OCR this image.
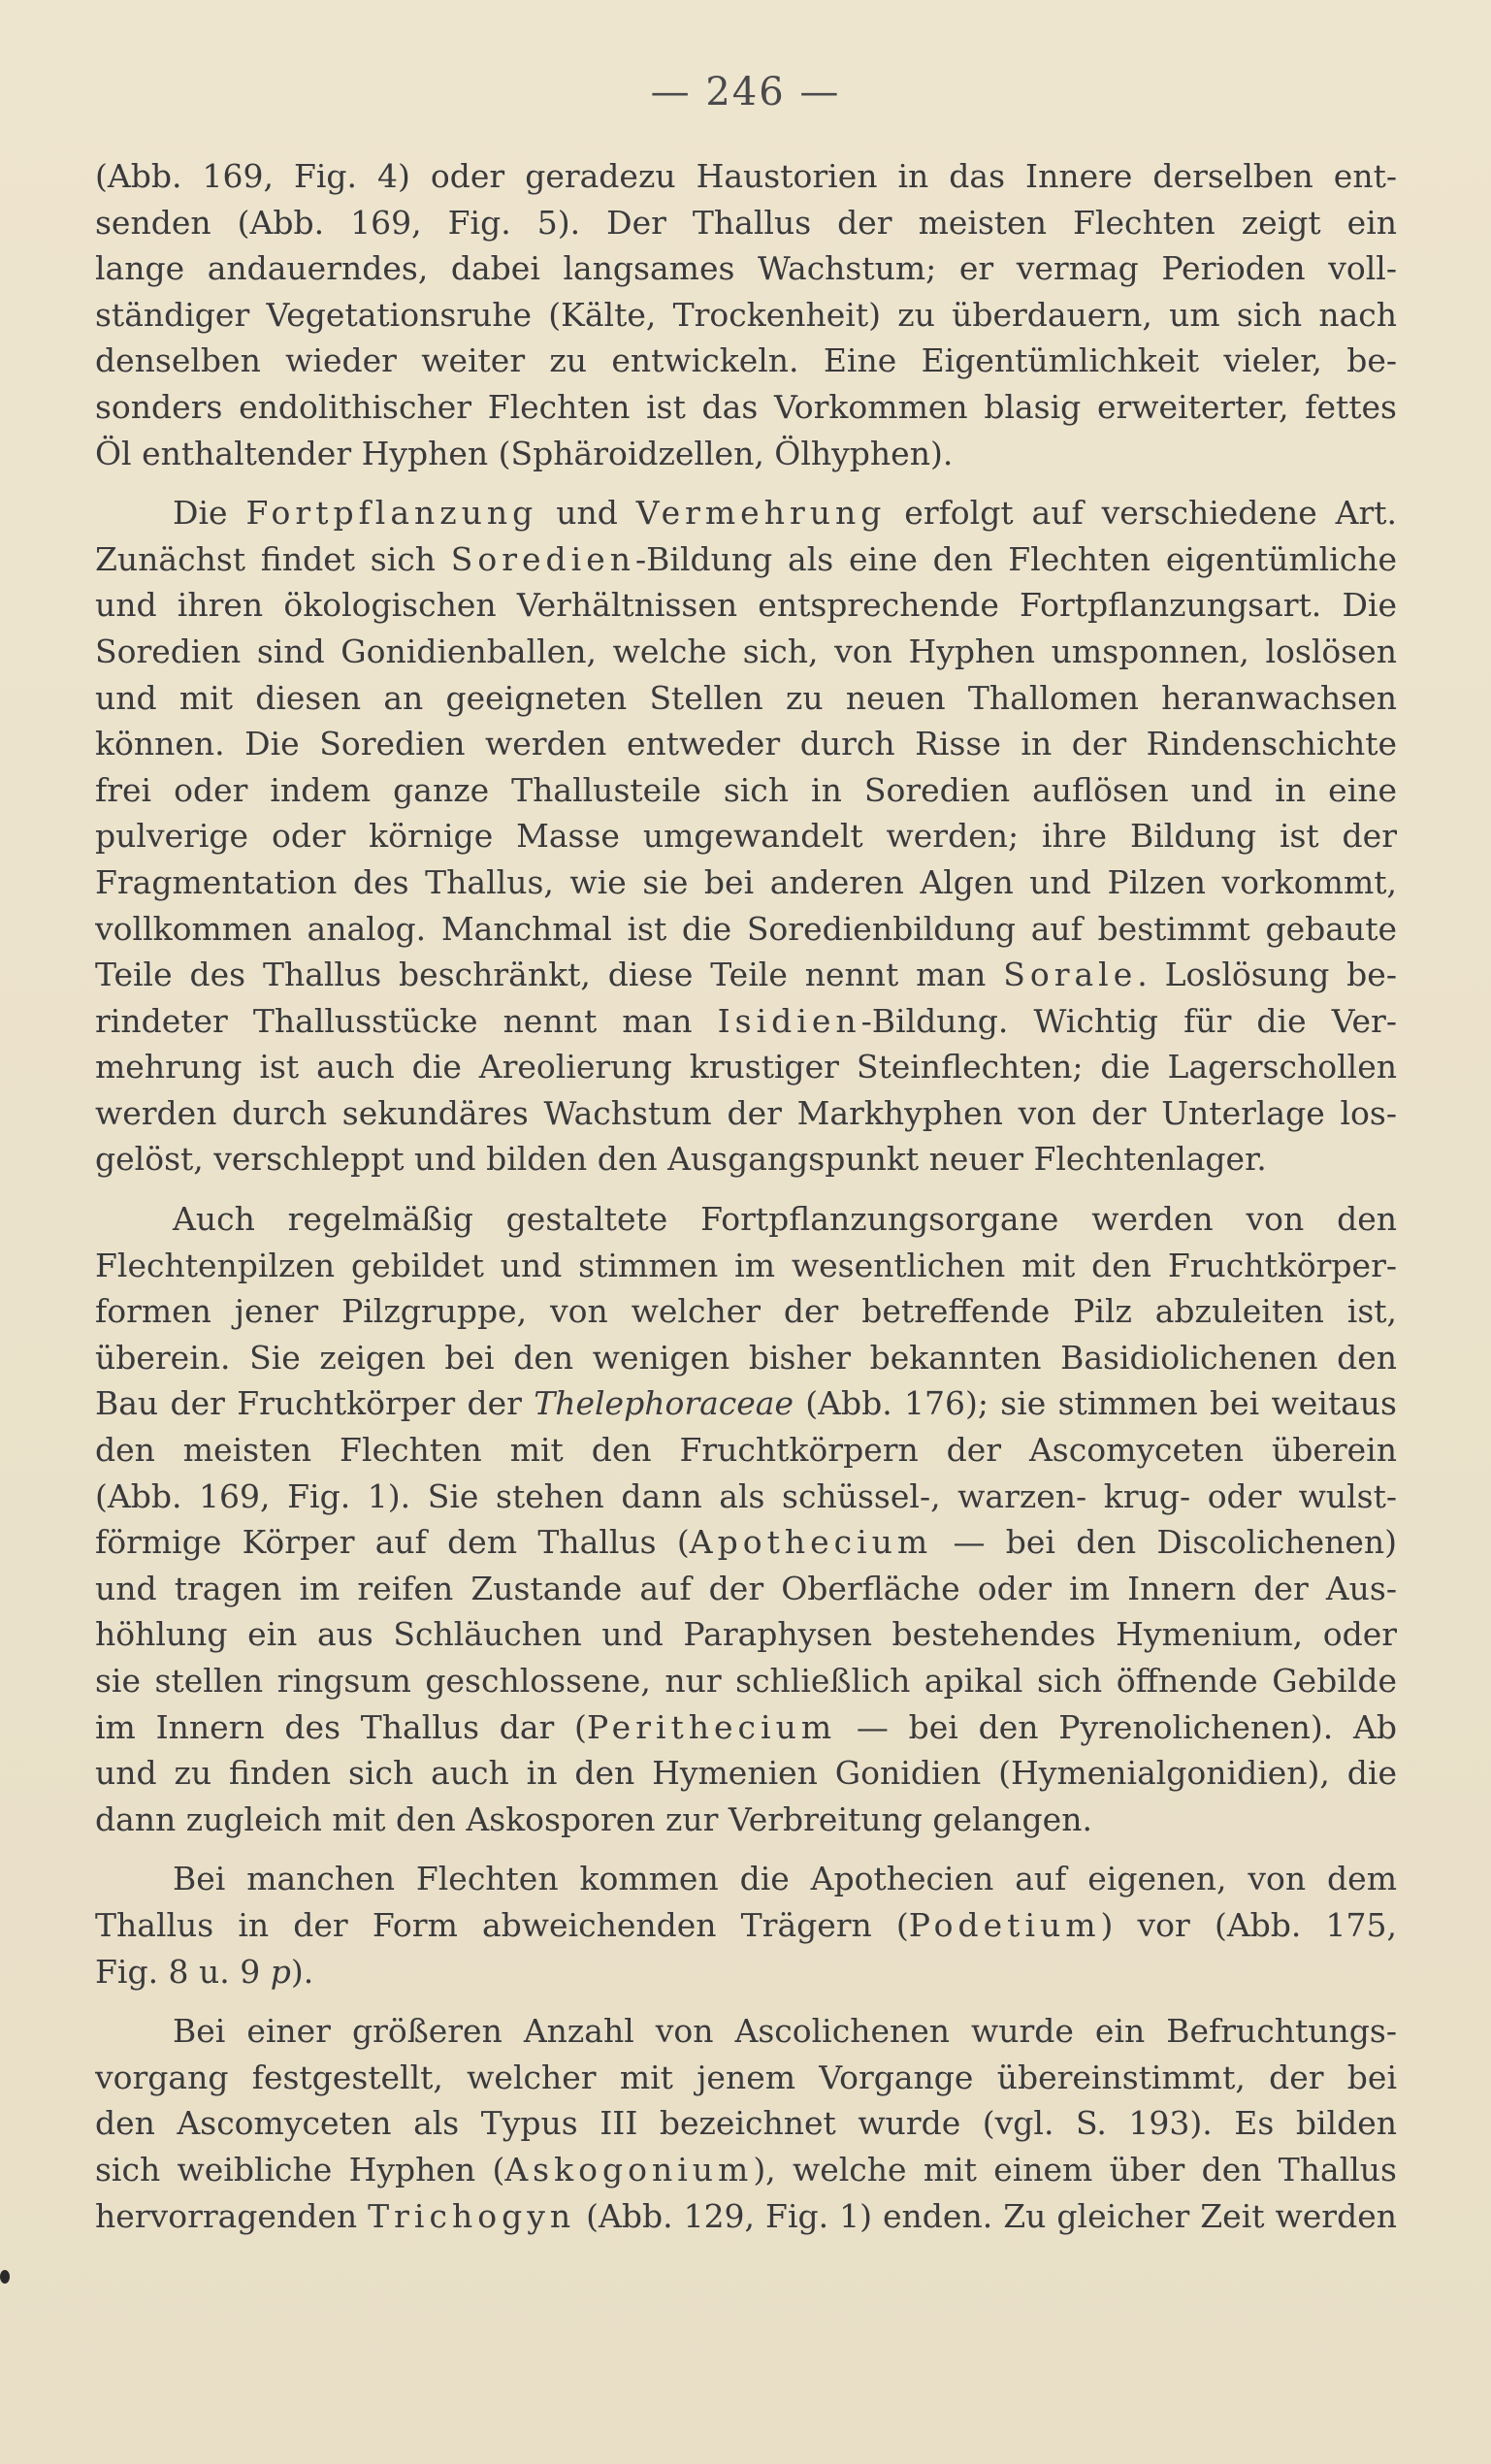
— 246 —
(Abb. 169, Fig. 4) oder geradezu Haustorien in das Innere derselben ent-
senden (Abb. 169, Fig. 5). Der Thallus der meisten Flechten zeigt ein
lange andauerndes, dabei langsames Wachstum; er vermag Perioden voll-
ständiger Vegetationsruhe (Kälte, Trockenheit) zu überdauern, um sich nach
denselben wieder weiter zu entwickeln. Eine Eigentümlichkeit vieler, be-
sonders endolithischer Flechten ist das Vorkommen blasig erweiterter, fettes
Öl enthaltender Hyphen (Sphäroidzellen, Ölhyphen).
Die Fortpflanzung und Vermehrung erfolgt auf verschiedene Art.
Zunächst findet sich Soredien-Bildung als eine den Flechten eigentümliche
und ihren ökologischen Verhältnissen entsprechende Fortpflanzungsart. Die
Soredien sind Gonidienballen, welche sich, von Hyphen umsponnen, loslösen
und mit diesen an geeigneten Stellen zu neuen Thallomen heranwachsen
können. Die Soredien werden entweder durch Risse in der Rindenschichte
frei oder indem ganze Thallusteile sich in Soredien auflösen und in eine
pulverige oder körnige Masse umgewandelt werden; ihre Bildung ist der
Fragmentation des Thallus, wie sie bei anderen Algen und Pilzen vorkommt,
vollkommen analog. Manchmal ist die Soredienbildung auf bestimmt gebaute
Teile des Thallus beschränkt, diese Teile nennt man Sorale. Loslösung be-
rindeter Thallusstücke nennt man Isidien-Bildung. Wichtig für die Ver-
mehrung ist auch die Areolierung krustiger Steinflechten; die Lagerschollen
werden durch sekundäres Wachstum der Markhyphen von der Unterlage los-
gelöst, verschleppt und bilden den Ausgangspunkt neuer Flechtenlager.
Auch regelmäßig gestaltete Fortpflanzungsorgane werden von den
Flechtenpilzen gebildet und stimmen im wesentlichen mit den Fruchtkörper-
formen jener Pilzgruppe, von welcher der betreffende Pilz abzuleiten ist,
überein. Sie zeigen bei den wenigen bisher bekannten Basidiolichenen den
Bau der Fruchtkörper der Thelephoraceae (Abb. 176); sie stimmen bei weitaus
den meisten Flechten mit den Fruchtkörpern der Ascomyceten überein
(Abb. 169, Fig. 1). Sie stehen dann als schüssel-, warzen- krug- oder wulst-
förmige Körper auf dem Thallus (Apothecium — bei den Discolichenen)
und tragen im reifen Zustande auf der Oberfläche oder im Innern der Aus-
höhlung ein aus Schläuchen und Paraphysen bestehendes Hymenium, oder
sie stellen ringsum geschlossene, nur schließlich apikal sich öffnende Gebilde
im Innern des Thallus dar (Perithecium — bei den Pyrenolichenen). Ab
und zu finden sich auch in den Hymenien Gonidien (Hymenialgonidien), die
dann zugleich mit den Askosporen zur Verbreitung gelangen.
Bei manchen Flechten kommen die Apothecien auf eigenen, von dem
Thallus in der Form abweichenden Trägern (Podetium) vor (Abb. 175,
Fig. 8 u. 9 p).
Bei einer größeren Anzahl von Ascolichenen wurde ein Befruchtungs-
vorgang festgestellt, welcher mit jenem Vorgange übereinstimmt, der bei
den Ascomyceten als Typus III bezeichnet wurde (vgl. S. 193). Es bilden
sich weibliche Hyphen (Askogonium), welche mit einem über den Thallus
hervorragenden Trichogyn (Abb. 129, Fig. 1) enden. Zu gleicher Zeit werden
